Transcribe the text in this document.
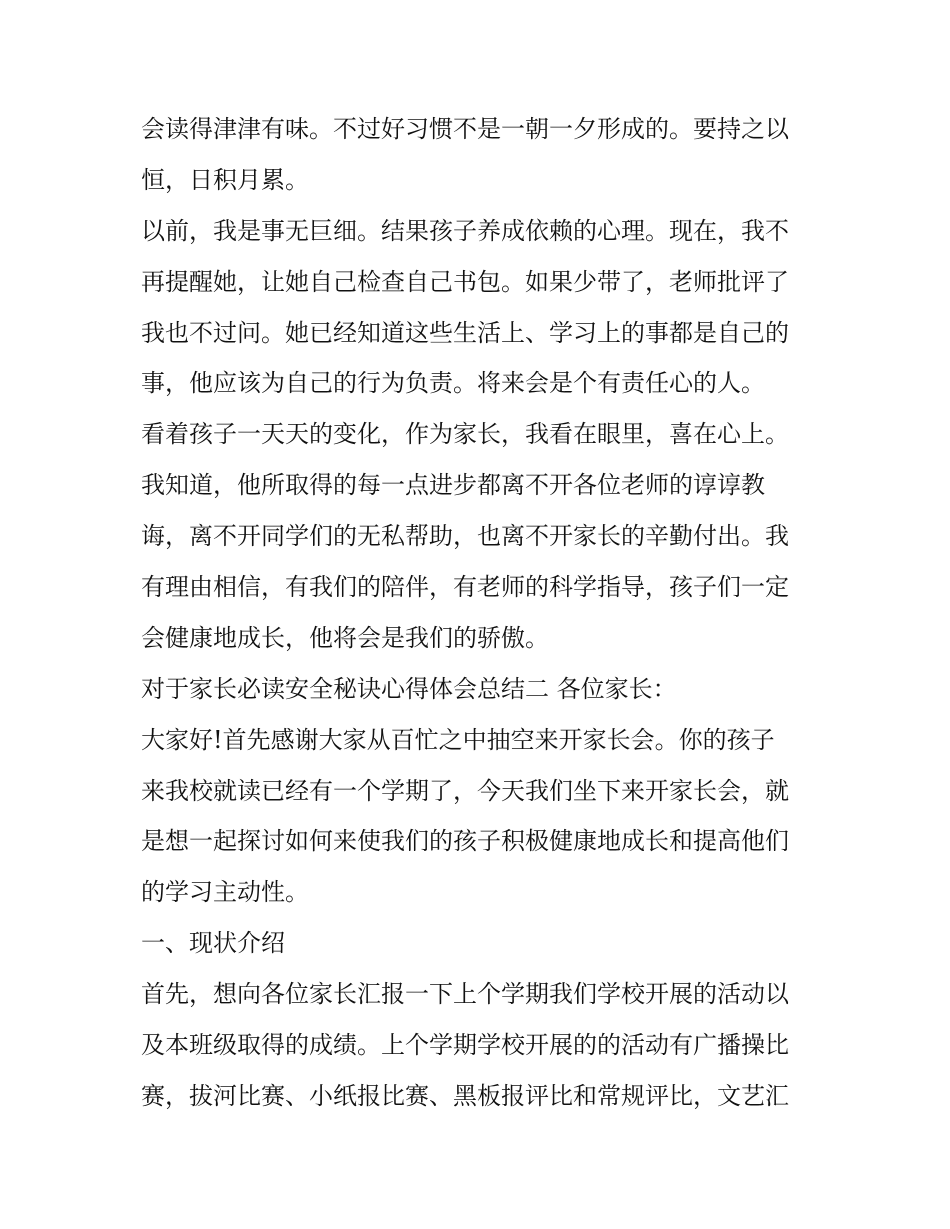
会读得津津有味。不过好习惯不是一朝一夕形成的。要持之以
恒，日积月累。
以前，我是事无巨细。结果孩子养成依赖的心理。现在，我不
再提醒她，让她自己检查自己书包。如果少带了，老师批评了
我也不过问。她已经知道这些生活上、学习上的事都是自己的
事，他应该为自己的行为负责。将来会是个有责任心的人。
看着孩子一天天的变化，作为家长，我看在眼里，喜在心上。
我知道，他所取得的每一点进步都离不开各位老师的谆谆教
诲，离不开同学们的无私帮助，也离不开家长的辛勤付出。我
有理由相信，有我们的陪伴，有老师的科学指导，孩子们一定
会健康地成长，他将会是我们的骄傲。
对于家长必读安全秘诀心得体会总结二 各位家长：
大家好!首先感谢大家从百忙之中抽空来开家长会。你的孩子
来我校就读已经有一个学期了，今天我们坐下来开家长会，就
是想一起探讨如何来使我们的孩子积极健康地成长和提高他们
的学习主动性。
一、现状介绍
首先，想向各位家长汇报一下上个学期我们学校开展的活动以
及本班级取得的成绩。上个学期学校开展的的活动有广播操比
赛，拔河比赛、小纸报比赛、黑板报评比和常规评比，文艺汇
